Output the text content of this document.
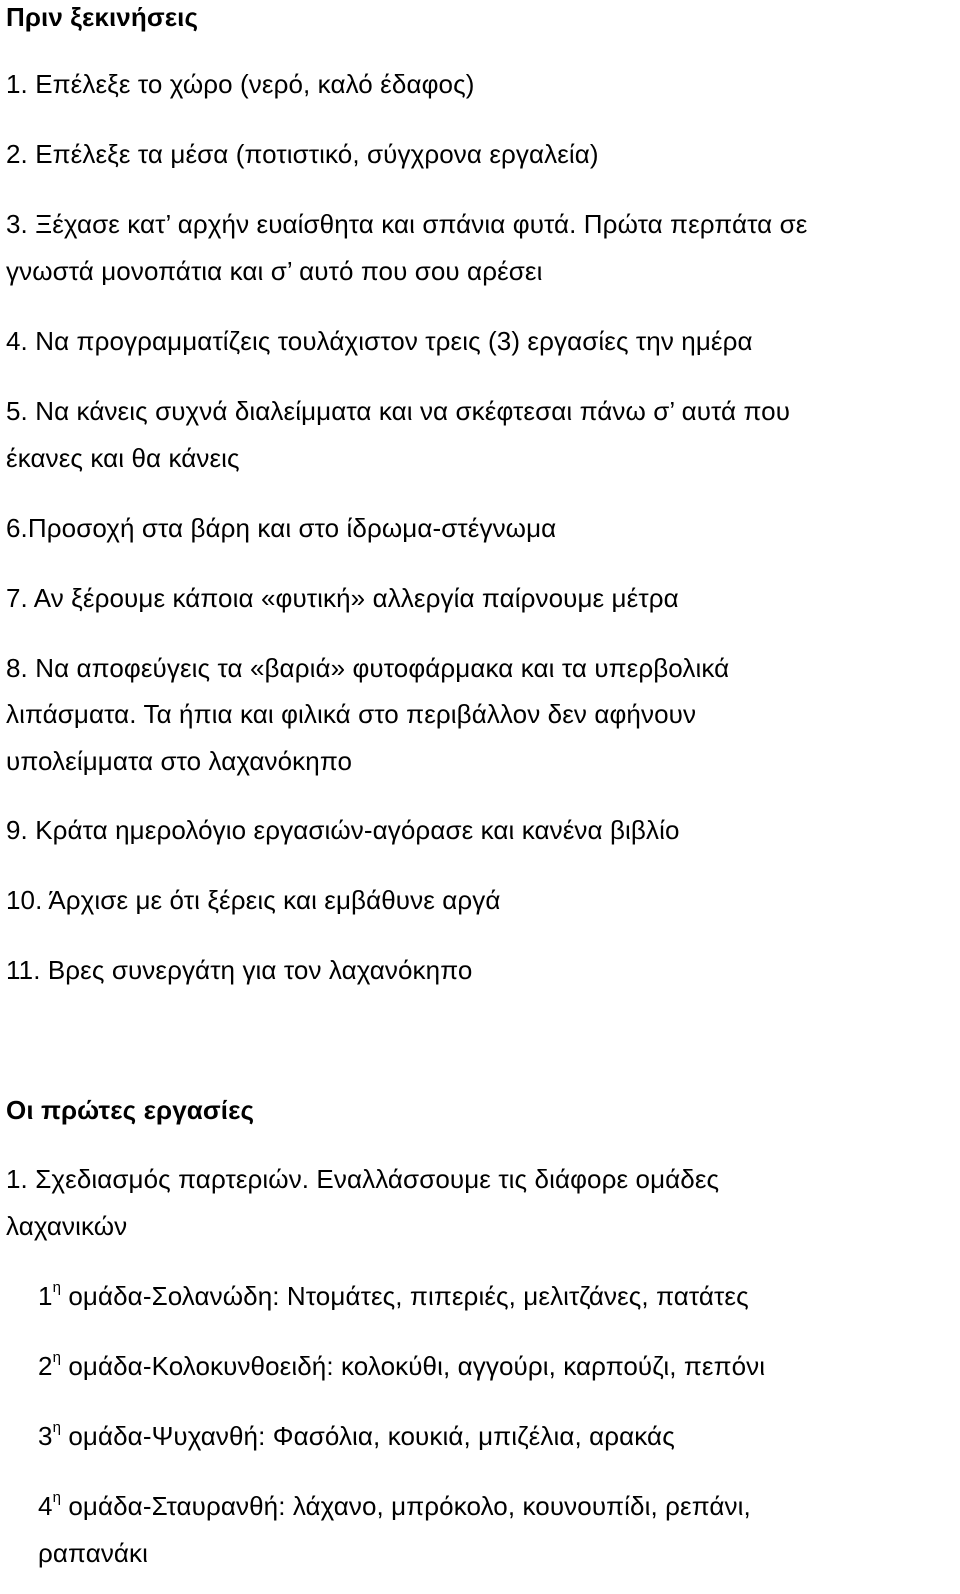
Πριν ξεκινήσεις
1. Επέλεξε το χώρο (νερό, καλό έδαφος)
2. Επέλεξε τα μέσα (ποτιστικό, σύγχρονα εργαλεία)
3. Ξέχασε κατ’ αρχήν ευαίσθητα και σπάνια φυτά. Πρώτα περπάτα σε
γνωστά μονοπάτια και σ’ αυτό που σου αρέσει
4. Να προγραμματίζεις τουλάχιστον τρεις (3) εργασίες την ημέρα
5. Να κάνεις συχνά διαλείμματα και να σκέφτεσαι πάνω σ’ αυτά που
έκανες και θα κάνεις
6.Προσοχή στα βάρη και στο ίδρωμα-στέγνωμα
7. Αν ξέρουμε κάποια «φυτική» αλλεργία παίρνουμε μέτρα
8. Να αποφεύγεις τα «βαριά» φυτοφάρμακα και τα υπερβολικά
λιπάσματα. Τα ήπια και φιλικά στο περιβάλλον δεν αφήνουν
υπολείμματα στο λαχανόκηπο
9. Κράτα ημερολόγιο εργασιών-αγόρασε και κανένα βιβλίο
10. Άρχισε με ότι ξέρεις και εμβάθυνε αργά
11. Βρες συνεργάτη για τον λαχανόκηπο
Οι πρώτες εργασίες
1. Σχεδιασμός παρτεριών. Εναλλάσσουμε τις διάφορε ομάδες
λαχανικών
$1^\eta$ ομάδα-Σολανώδη: Ντομάτες, πιπεριές, μελιτζάνες, πατάτες
$2^\eta$ ομάδα-Κολοκυνθοειδή: κολοκύθι, αγγούρι, καρπούζι, πεπόνι
$3^\eta$ ομάδα-Ψυχανθή: Φασόλια, κουκιά, μπιζέλια, αρακάς
$4^\eta$ ομάδα-Σταυρανθή: λάχανο, μπρόκολο, κουνουπίδι, ρεπάνι,
ραπανάκι
